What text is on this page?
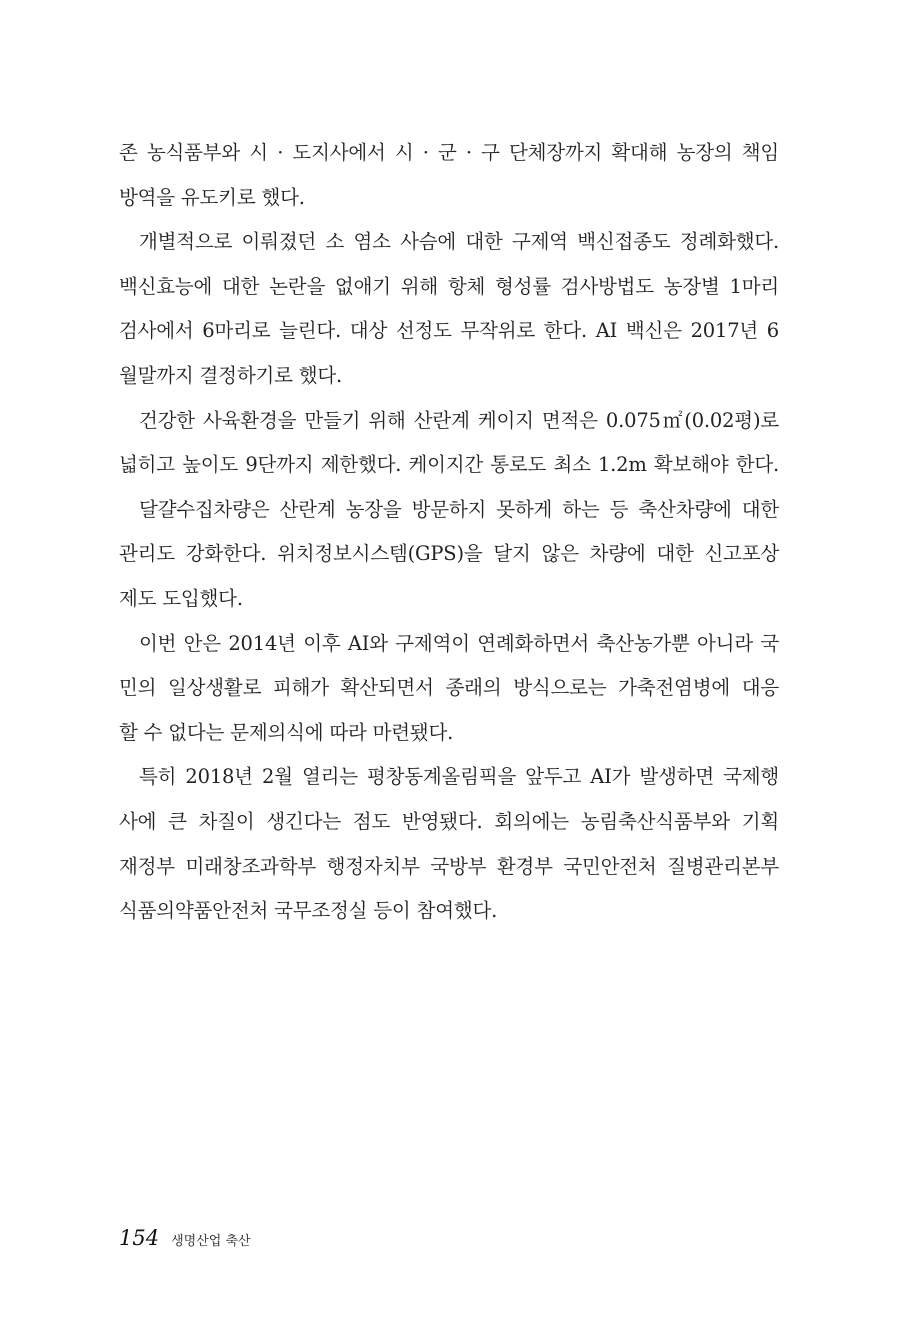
존 농식품부와 시 · 도지사에서 시 · 군 · 구 단체장까지 확대해 농장의 책임
방역을 유도키로 했다.
개별적으로 이뤄졌던 소 염소 사슴에 대한 구제역 백신접종도 정례화했다.
백신효능에 대한 논란을 없애기 위해 항체 형성률 검사방법도 농장별 1마리
검사에서 6마리로 늘린다. 대상 선정도 무작위로 한다. AI 백신은 2017년 6
월말까지 결정하기로 했다.
건강한 사육환경을 만들기 위해 산란계 케이지 면적은 0.075㎡(0.02평)로
넓히고 높이도 9단까지 제한했다. 케이지간 통로도 최소 1.2m 확보해야 한다.
달걀수집차량은 산란계 농장을 방문하지 못하게 하는 등 축산차량에 대한
관리도 강화한다. 위치정보시스템(GPS)을 달지 않은 차량에 대한 신고포상
제도 도입했다.
이번 안은 2014년 이후 AI와 구제역이 연례화하면서 축산농가뿐 아니라 국
민의 일상생활로 피해가 확산되면서 종래의 방식으로는 가축전염병에 대응
할 수 없다는 문제의식에 따라 마련됐다.
특히 2018년 2월 열리는 평창동계올림픽을 앞두고 AI가 발생하면 국제행
사에 큰 차질이 생긴다는 점도 반영됐다. 회의에는 농림축산식품부와 기획
재정부 미래창조과학부 행정자치부 국방부 환경부 국민안전처 질병관리본부
식품의약품안전처 국무조정실 등이 참여했다.
154 생명산업 축산
